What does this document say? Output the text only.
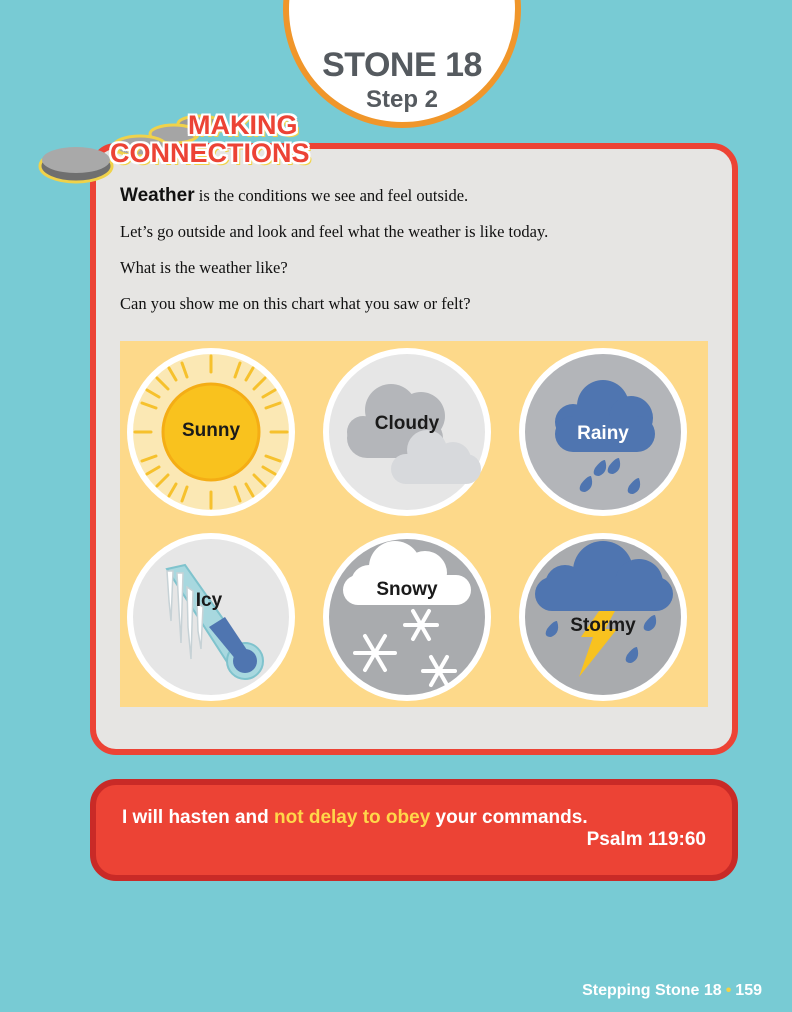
STONE 18
Step 2

Weather is the conditions we see and feel outside.

Let’s go outside and look and feel what the weather is like today.

What is the weather like?

Can you show me on this chart what you saw or felt?

Sunny	Cloudy	Rainy
Icy
Snowy
Stormy
MAKING
CONNECTIONS
I will hasten and not delay to obey your commands.
Psalm 119:60
Stepping Stone 18 • 159
